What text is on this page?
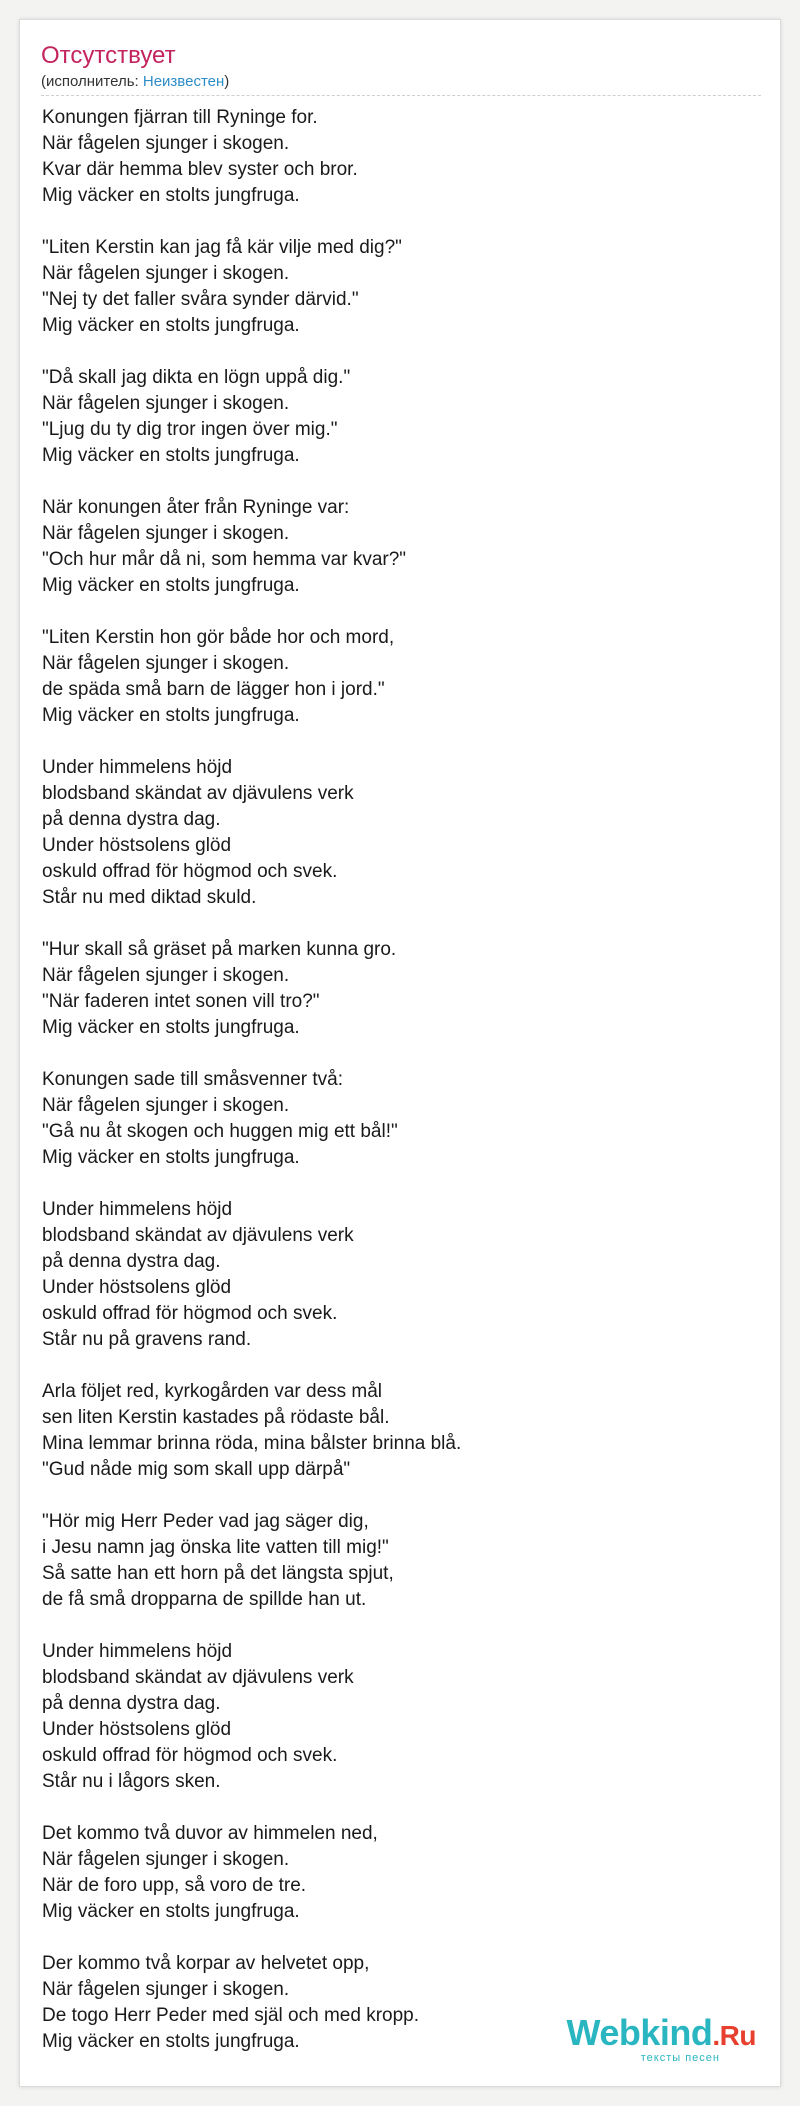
Отсутствует
(исполнитель: Неизвестен)
Konungen fjärran till Ryninge for.
När fågelen sjunger i skogen.
Kvar där hemma blev syster och bror.
Mig väcker en stolts jungfruga.
"Liten Kerstin kan jag få kär vilje med dig?"
När fågelen sjunger i skogen.
"Nej ty det faller svåra synder därvid."
Mig väcker en stolts jungfruga.
"Då skall jag dikta en lögn uppå dig."
När fågelen sjunger i skogen.
"Ljug du ty dig tror ingen över mig."
Mig väcker en stolts jungfruga.
När konungen åter från Ryninge var:
När fågelen sjunger i skogen.
"Och hur mår då ni, som hemma var kvar?"
Mig väcker en stolts jungfruga.
"Liten Kerstin hon gör både hor och mord,
När fågelen sjunger i skogen.
de späda små barn de lägger hon i jord."
Mig väcker en stolts jungfruga.
Under himmelens höjd
blodsband skändat av djävulens verk
på denna dystra dag.
Under höstsolens glöd
oskuld offrad för högmod och svek.
Står nu med diktad skuld.
"Hur skall så gräset på marken kunna gro.
När fågelen sjunger i skogen.
"När faderen intet sonen vill tro?"
Mig väcker en stolts jungfruga.
Konungen sade till småsvenner två:
När fågelen sjunger i skogen.
"Gå nu åt skogen och huggen mig ett bål!"
Mig väcker en stolts jungfruga.
Under himmelens höjd
blodsband skändat av djävulens verk
på denna dystra dag.
Under höstsolens glöd
oskuld offrad för högmod och svek.
Står nu på gravens rand.
Arla följet red, kyrkogården var dess mål
sen liten Kerstin kastades på rödaste bål.
Mina lemmar brinna röda, mina bålster brinna blå.
"Gud nåde mig som skall upp därpå"
"Hör mig Herr Peder vad jag säger dig,
i Jesu namn jag önska lite vatten till mig!"
Så satte han ett horn på det längsta spjut,
de få små dropparna de spillde han ut.
Under himmelens höjd
blodsband skändat av djävulens verk
på denna dystra dag.
Under höstsolens glöd
oskuld offrad för högmod och svek.
Står nu i lågors sken.
Det kommo två duvor av himmelen ned,
När fågelen sjunger i skogen.
När de foro upp, så voro de tre.
Mig väcker en stolts jungfruga.
Der kommo två korpar av helvetet opp,
När fågelen sjunger i skogen.
De togo Herr Peder med själ och med kropp.
Mig väcker en stolts jungfruga.	Webkind.Ru
тексты песен
